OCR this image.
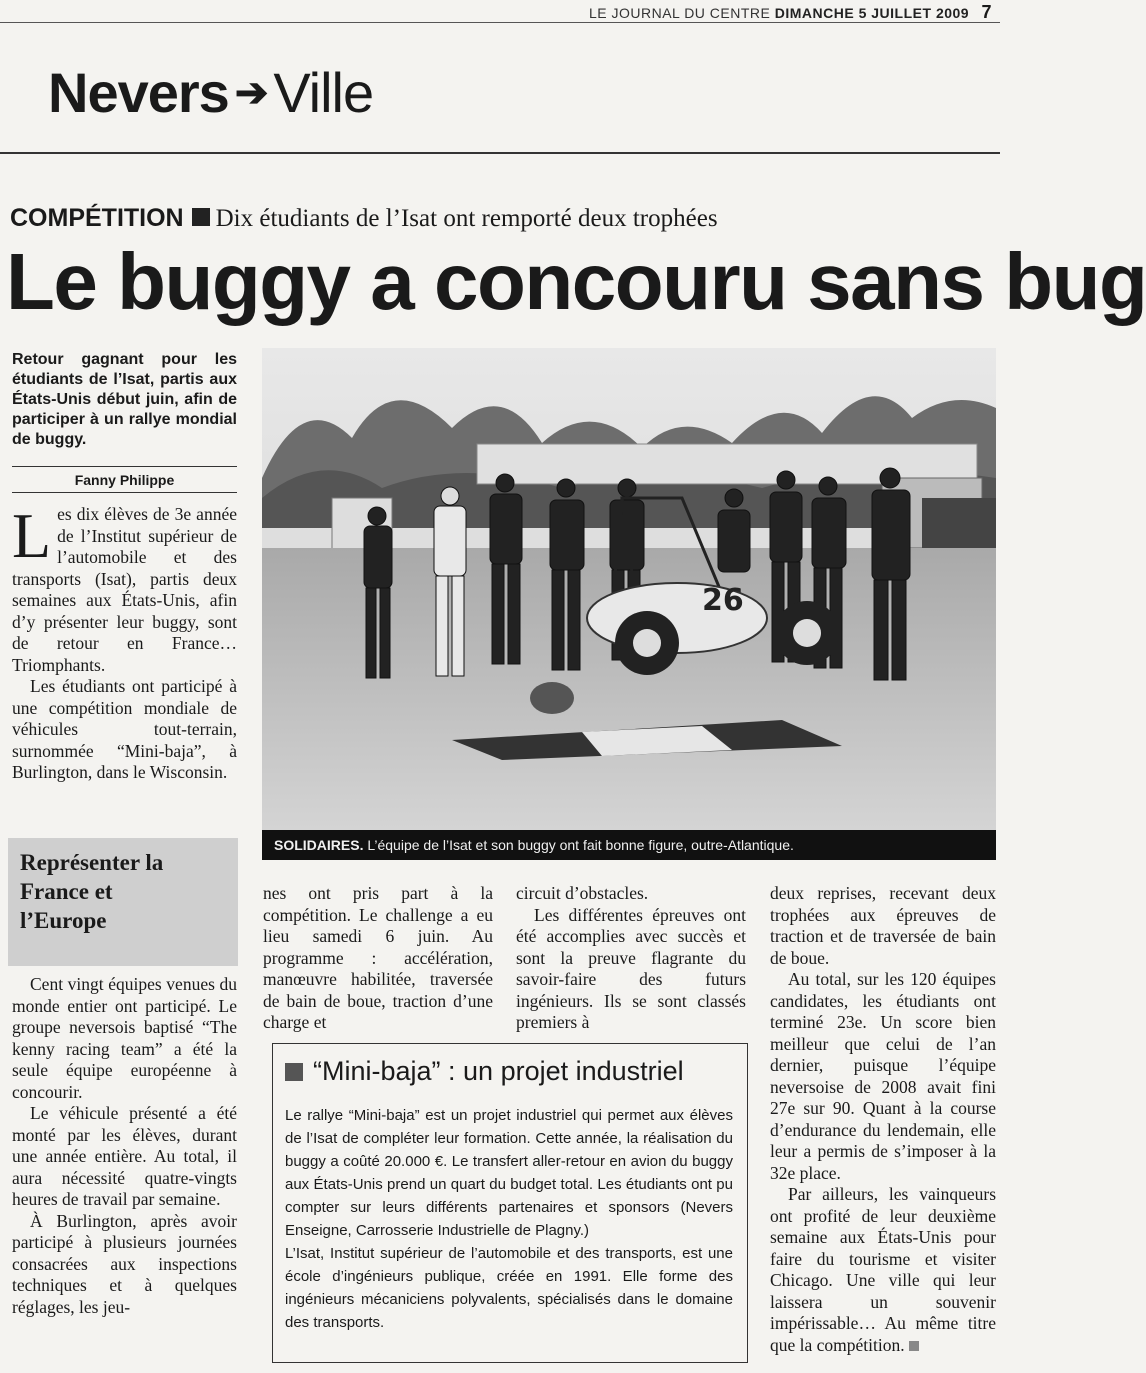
LE JOURNAL DU CENTRE DIMANCHE 5 JUILLET 2009 7
Nevers ➔ Ville
COMPÉTITION Dix étudiants de l’Isat ont remporté deux trophées
Le buggy a concouru sans bug
Retour gagnant pour les étudiants de l’Isat, partis aux États-Unis début juin, afin de participer à un rallye mondial de buggy.
Fanny Philippe

Les dix élèves de 3e année de l’Institut supérieur de l’automobile et des transports (Isat), partis deux semaines aux États-Unis, afin d’y présenter leur buggy, sont de retour en France… Triomphants.

Les étudiants ont participé à une compétition mondiale de véhicules tout-terrain, surnommée “Mini-baja”, à Burlington, dans le Wisconsin.

26
SOLIDAIRES. L’équipe de l’Isat et son buggy ont fait bonne figure, outre-Atlantique.
Représenter la France et l’Europe

Cent vingt équipes venues du monde entier ont participé. Le groupe neversois baptisé “The kenny racing team” a été la seule équipe européenne à concourir.

Le véhicule présenté a été monté par les élèves, durant une année entière. Au total, il aura nécessité quatre-vingts heures de travail par semaine.

À Burlington, après avoir participé à plusieurs journées consacrées aux inspections techniques et à quelques réglages, les jeu-

nes ont pris part à la compétition. Le challenge a eu lieu samedi 6 juin. Au programme : accélération, manœuvre habilitée, traversée de bain de boue, traction d’une charge et

circuit d’obstacles.

Les différentes épreuves ont été accomplies avec succès et sont la preuve flagrante du savoir-faire des futurs ingénieurs. Ils se sont classés premiers à

deux reprises, recevant deux trophées aux épreuves de traction et de traversée de bain de boue.

Au total, sur les 120 équipes candidates, les étudiants ont terminé 23e. Un score bien meilleur que celui de l’an dernier, puisque l’équipe neversoise de 2008 avait fini 27e sur 90. Quant à la course d’endurance du lendemain, elle leur a permis de s’imposer à la 32e place.

Par ailleurs, les vainqueurs ont profité de leur deuxième semaine aux États-Unis pour faire du tourisme et visiter Chicago. Une ville qui leur laissera un souvenir impérissable… Au même titre que la compétition.

“Mini-baja” : un projet industriel

Le rallye “Mini-baja” est un projet industriel qui permet aux élèves de l’Isat de compléter leur formation. Cette année, la réalisation du buggy a coûté 20.000 €. Le transfert aller-retour en avion du buggy aux États-Unis prend un quart du budget total. Les étudiants ont pu compter sur leurs différents partenaires et sponsors (Nevers Enseigne, Carrosserie Industrielle de Plagny.)

L’Isat, Institut supérieur de l’automobile et des transports, est une école d’ingénieurs publique, créée en 1991. Elle forme des ingénieurs mécaniciens polyvalents, spécialisés dans le domaine des transports.
